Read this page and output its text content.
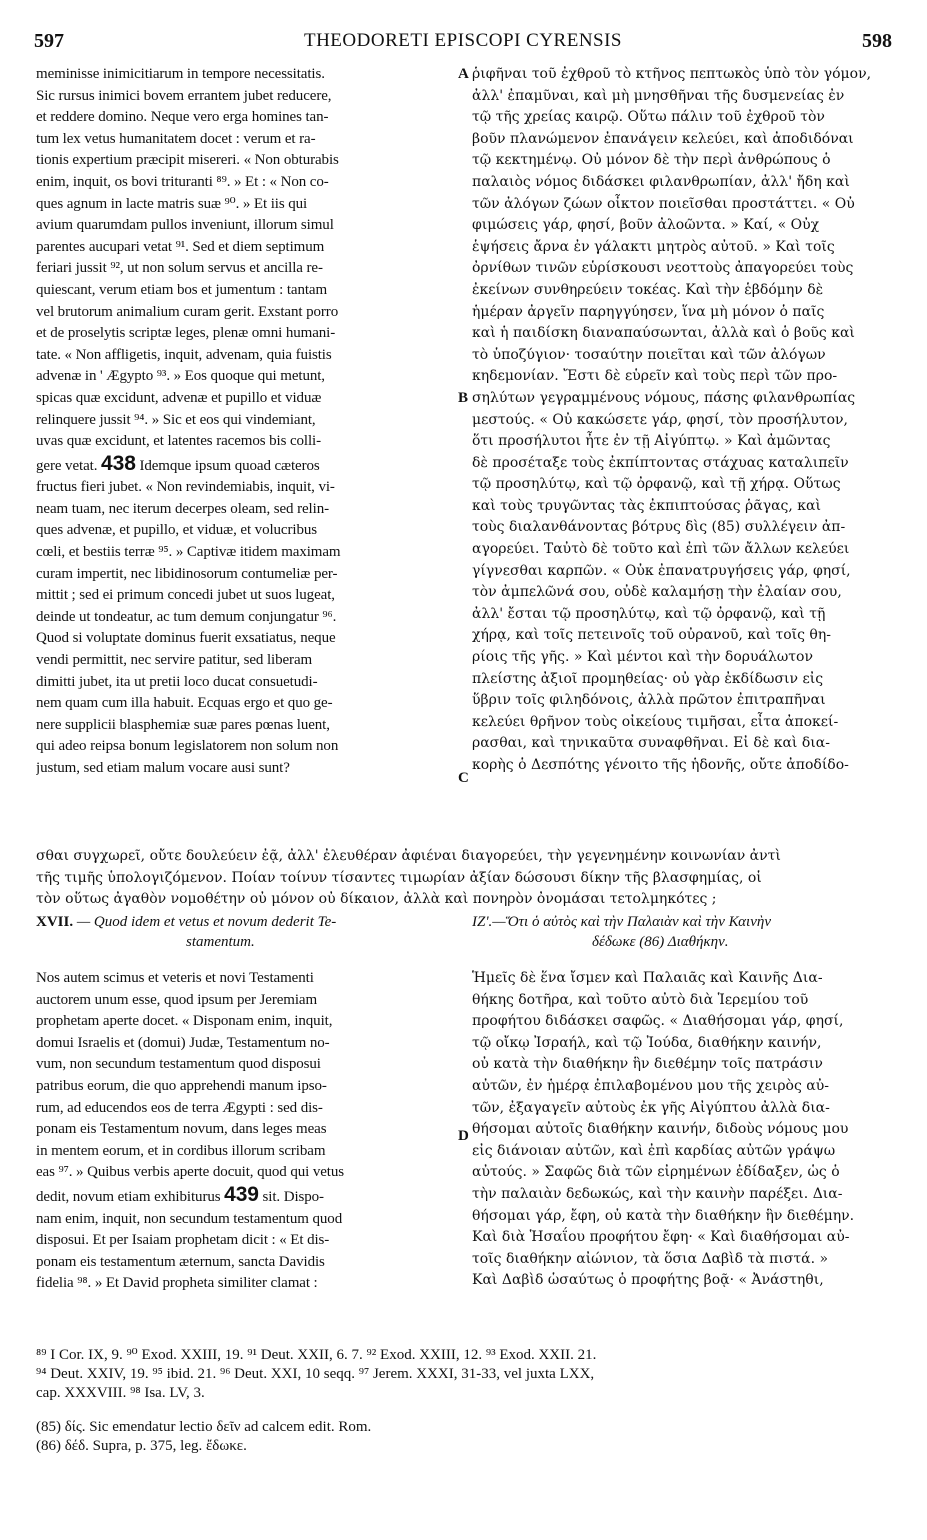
597	THEODORETI EPISCOPI CYRENSIS	598
meminisse inimicitiarum in tempore necessitatis.
Sic rursus inimici bovem errantem jubet reducere,
et reddere domino. Neque vero erga homines tan-
tum lex vetus humanitatem docet : verum et ra-
tionis expertium præcipit misereri. « Non obturabis
enim, inquit, os bovi trituranti ⁸⁹. » Et : « Non co-
ques agnum in lacte matris suæ ⁹⁰. » Et iis qui
avium quarumdam pullos inveniunt, illorum simul
parentes aucupari vetat ⁹¹. Sed et diem septimum
feriari jussit ⁹², ut non solum servus et ancilla re-
quiescant, verum etiam bos et jumentum : tantam
vel brutorum animalium curam gerit. Exstant porro
et de proselytis scriptæ leges, plenæ omni humani-
tate. « Non affligetis, inquit, advenam, quia fuistis
advenæ in ' Ægypto ⁹³. » Eos quoque qui metunt,
spicas quæ excidunt, advenæ et pupillo et viduæ
relinquere jussit ⁹⁴. » Sic et eos qui vindemiant,
uvas quæ excidunt, et latentes racemos bis colli-
gere vetat. 438 Idemque ipsum quoad cæteros
fructus fieri jubet. « Non revindemiabis, inquit, vi-
neam tuam, nec iterum decerpes oleam, sed relin-
ques advenæ, et pupillo, et viduæ, et volucribus
cœli, et bestiis terræ ⁹⁵. » Captivæ itidem maximam
curam impertit, nec libidinosorum contumeliæ per-
mittit ; sed ei primum concedi jubet ut suos lugeat,
deinde ut tondeatur, ac tum demum conjungatur ⁹⁶.
Quod si voluptate dominus fuerit exsatiatus, neque
vendi permittit, nec servire patitur, sed liberam
dimitti jubet, ita ut pretii loco ducat consuetudi-
nem quam cum illa habuit. Ecquas ergo et quo ge-
nere supplicii blasphemiæ suæ pares pœnas luent,
qui adeo reipsa bonum legislatorem non solum non
justum, sed etiam malum vocare ausi sunt?
ῥιφῆναι τοῦ ἐχθροῦ τὸ κτῆνος πεπτωκὸς ὑπὸ τὸν γόμον,
ἀλλ' ἐπαμῦναι, καὶ μὴ μνησθῆναι τῆς δυσμενείας ἐν
τῷ τῆς χρείας καιρῷ. Οὕτω πάλιν τοῦ ἐχθροῦ τὸν
βοῦν πλανώμενον ἐπανάγειν κελεύει, καὶ ἀποδιδόναι
τῷ κεκτημένῳ. Οὐ μόνον δὲ τὴν περὶ ἀνθρώπους ὁ
παλαιὸς νόμος διδάσκει φιλανθρωπίαν, ἀλλ' ἤδη καὶ
τῶν ἀλόγων ζώων οἶκτον ποιεῖσθαι προστάττει. « Οὐ
φιμώσεις γάρ, φησί, βοῦν ἀλοῶντα. » Καί, « Οὐχ
ἑψήσεις ἄρνα ἐν γάλακτι μητρὸς αὐτοῦ. » Καὶ τοῖς
ὀρνίθων τινῶν εὑρίσκουσι νεοττοὺς ἀπαγορεύει τοὺς
ἐκείνων συνθηρεύειν τοκέας. Καὶ τὴν ἑβδόμην δὲ
ἡμέραν ἀργεῖν παρηγγύησεν, ἵνα μὴ μόνον ὁ παῖς
καὶ ἡ παιδίσκη διαναπαύσωνται, ἀλλὰ καὶ ὁ βοῦς καὶ
τὸ ὑποζύγιον· τοσαύτην ποιεῖται καὶ τῶν ἀλόγων
κηδεμονίαν. Ἔστι δὲ εὑρεῖν καὶ τοὺς περὶ τῶν προ-
σηλύτων γεγραμμένους νόμους, πάσης φιλανθρωπίας
μεστούς. « Οὐ κακώσετε γάρ, φησί, τὸν προσήλυτον,
ὅτι προσήλυτοι ἦτε ἐν τῇ Αἰγύπτῳ. » Καὶ ἀμῶντας
δὲ προσέταξε τοὺς ἐκπίπτοντας στάχυας καταλιπεῖν
τῷ προσηλύτῳ, καὶ τῷ ὀρφανῷ, καὶ τῇ χήρᾳ. Οὕτως
καὶ τοὺς τρυγῶντας τὰς ἐκπιπτούσας ῥᾶγας, καὶ
τοὺς διαλανθάνοντας βότρυς δὶς (85) συλλέγειν ἀπ-
αγορεύει. Ταὐτὸ δὲ τοῦτο καὶ ἐπὶ τῶν ἄλλων κελεύει
γίγνεσθαι καρπῶν. « Οὐκ ἐπανατρυγήσεις γάρ, φησί,
τὸν ἀμπελῶνά σου, οὐδὲ καλαμήσῃ τὴν ἐλαίαν σου,
ἀλλ' ἔσται τῷ προσηλύτῳ, καὶ τῷ ὀρφανῷ, καὶ τῇ
χήρᾳ, καὶ τοῖς πετεινοῖς τοῦ οὐρανοῦ, καὶ τοῖς θη-
ρίοις τῆς γῆς. » Καὶ μέντοι καὶ τὴν δορυάλωτον
πλείστης ἀξιοῖ προμηθείας· οὐ γὰρ ἐκδίδωσιν εἰς
ὕβριν τοῖς φιληδόνοις, ἀλλὰ πρῶτον ἐπιτραπῆναι
κελεύει θρῆνον τοὺς οἰκείους τιμῆσαι, εἶτα ἀποκεί-
ρασθαι, καὶ τηνικαῦτα συναφθῆναι. Εἰ δὲ καὶ δια-
κορὴς ὁ Δεσπότης γένοιτο τῆς ἡδονῆς, οὔτε ἀποδίδο-
A
B
C
D
σθαι συγχωρεῖ, οὔτε δουλεύειν ἐᾷ, ἀλλ' ἐλευθέραν ἀφιέναι διαγορεύει, τὴν γεγενημένην κοινωνίαν ἀντὶ
τῆς τιμῆς ὑπολογιζόμενον. Ποίαν τοίνυν τίσαντες τιμωρίαν ἀξίαν δώσουσι δίκην τῆς βλασφημίας, οἱ
τὸν οὕτως ἀγαθὸν νομοθέτην οὐ μόνον οὐ δίκαιον, ἀλλὰ καὶ πονηρὸν ὀνομάσαι τετολμηκότες ;
XVII. — Quod idem et vetus et novum dederit Te-
stamentum.
ΙΖ'.—Ὅτι ὁ αὐτὸς καὶ τὴν Παλαιὰν καὶ τὴν Καινὴν
δέδωκε (86) Διαθήκην.
Nos autem scimus et veteris et novi Testamenti
auctorem unum esse, quod ipsum per Jeremiam
prophetam aperte docet. « Disponam enim, inquit,
domui Israelis et (domui) Judæ, Testamentum no-
vum, non secundum testamentum quod disposui
patribus eorum, die quo apprehendi manum ipso-
rum, ad educendos eos de terra Ægypti : sed dis-
ponam eis Testamentum novum, dans leges meas
in mentem eorum, et in cordibus illorum scribam
eas ⁹⁷. » Quibus verbis aperte docuit, quod qui vetus
dedit, novum etiam exhibiturus 439 sit. Dispo-
nam enim, inquit, non secundum testamentum quod
disposui. Et per Isaiam prophetam dicit : « Et dis-
ponam eis testamentum æternum, sancta Davidis
fidelia ⁹⁸. » Et David propheta similiter clamat :
Ἡμεῖς δὲ ἕνα ἴσμεν καὶ Παλαιᾶς καὶ Καινῆς Δια-
θήκης δοτῆρα, καὶ τοῦτο αὐτὸ διὰ Ἱερεμίου τοῦ
προφήτου διδάσκει σαφῶς. « Διαθήσομαι γάρ, φησί,
τῷ οἴκῳ Ἰσραήλ, καὶ τῷ Ἰούδα, διαθήκην καινήν,
οὐ κατὰ τὴν διαθήκην ἣν διεθέμην τοῖς πατράσιν
αὐτῶν, ἐν ἡμέρᾳ ἐπιλαβομένου μου τῆς χειρὸς αὐ-
τῶν, ἐξαγαγεῖν αὐτοὺς ἐκ γῆς Αἰγύπτου ἀλλὰ δια-
θήσομαι αὐτοῖς διαθήκην καινήν, διδοὺς νόμους μου
εἰς διάνοιαν αὐτῶν, καὶ ἐπὶ καρδίας αὐτῶν γράψω
αὐτούς. » Σαφῶς διὰ τῶν εἰρημένων ἐδίδαξεν, ὡς ὁ
τὴν παλαιὰν δεδωκώς, καὶ τὴν καινὴν παρέξει. Δια-
θήσομαι γάρ, ἔφη, οὐ κατὰ τὴν διαθήκην ἣν διεθέμην.
Καὶ διὰ Ἡσαΐου προφήτου ἔφη· « Καὶ διαθήσομαι αὐ-
τοῖς διαθήκην αἰώνιον, τὰ ὅσια Δαβὶδ τὰ πιστά. »
Καὶ Δαβὶδ ὡσαύτως ὁ προφήτης βοᾷ· « Ἀνάστηθι,
⁸⁹ I Cor. IX, 9. ⁹⁰ Exod. XXIII, 19. ⁹¹ Deut. XXII, 6. 7. ⁹² Exod. XXIII, 12. ⁹³ Exod. XXII. 21.
⁹⁴ Deut. XXIV, 19. ⁹⁵ ibid. 21. ⁹⁶ Deut. XXI, 10 seqq. ⁹⁷ Jerem. XXXI, 31-33, vel juxta LXX,
cap. XXXVIII. ⁹⁸ Isa. LV, 3.
(85) δίς. Sic emendatur lectio δεῖν ad calcem edit. Rom.
(86) δέδ. Supra, p. 375, leg. ἔδωκε.
